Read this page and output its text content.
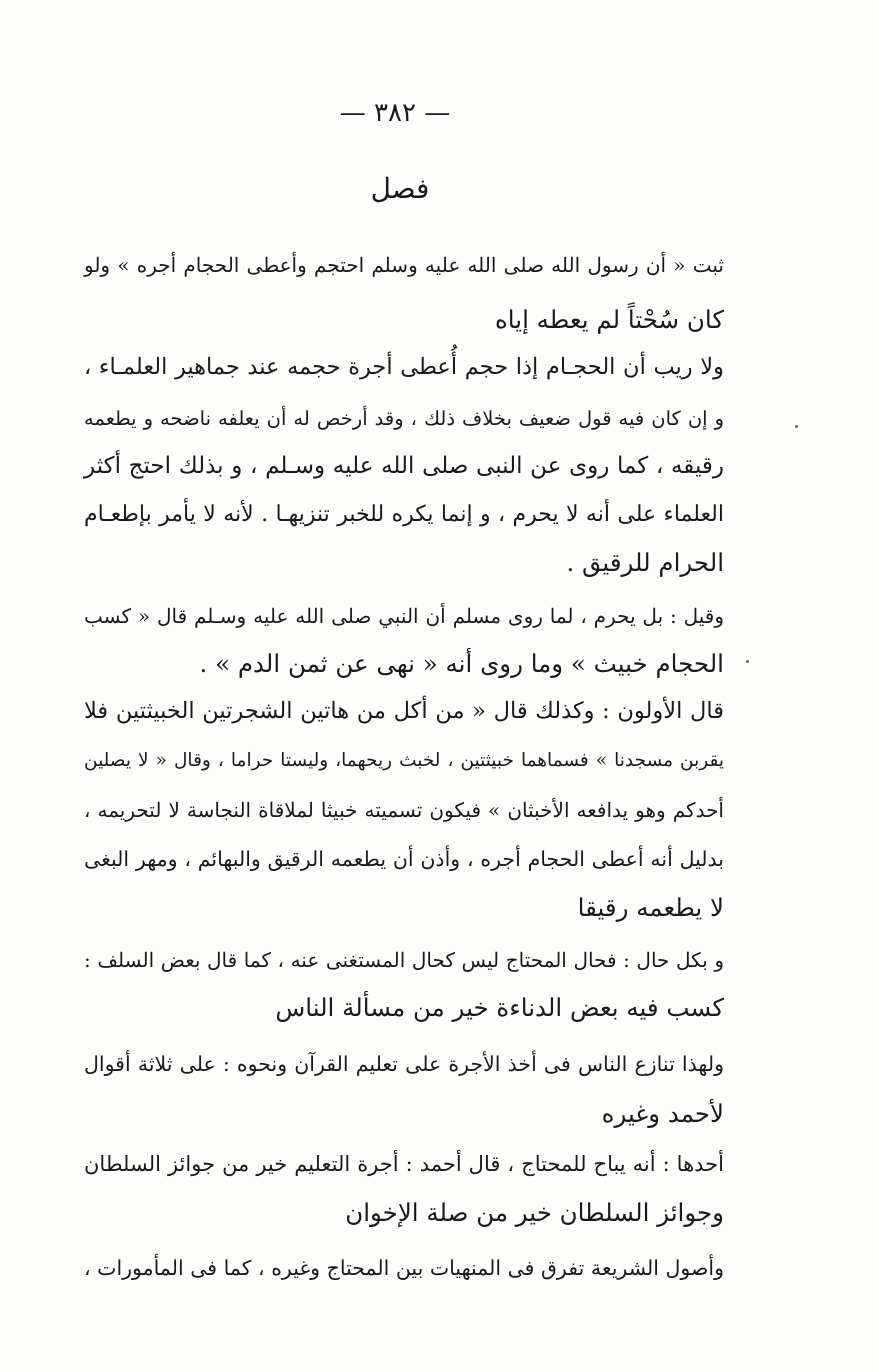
— ٣٨٢ —
فصل
ثبت « أن رسول الله صلى الله عليه وسلم احتجم وأعطى الحجام أجره » ولو
كان سُحْتاً لم يعطه إياه
ولا ريب أن الحجـام إذا حجم أُعطى أجرة حجمه عند جماهير العلمـاء ،
و إن كان فيه قول ضعيف بخلاف ذلك ، وقد أرخص له أن يعلفه ناضحه و يطعمه
رقيقه ، كما روى عن النبى صلى الله عليه وسـلم ، و بذلك احتج أكثر
العلماء على أنه لا يحرم ، و إنما يكره للخبر تنزيهـا . لأنه لا يأمر بإطعـام
الحرام للرقيق .
وقيل : بل يحرم ، لما روى مسلم أن النبي صلى الله عليه وسـلم قال « كسب
الحجام خبيث » وما روى أنه « نهى عن ثمن الدم » .
قال الأولون : وكذلك قال « من أكل من هاتين الشجرتين الخبيثتين فلا
يقربن مسجدنا » فسماهما خبيثتين ، لخبث ريحهما، وليستا حراما ، وقال « لا يصلين
أحدكم وهو يدافعه الأخبثان » فيكون تسميته خبيثا لملاقاة النجاسة لا لتحريمه ،
بدليل أنه أعطى الحجام أجره ، وأذن أن يطعمه الرقيق والبهائم ، ومهر البغى
لا يطعمه رقيقا
و بكل حال : فحال المحتاج ليس كحال المستغنى عنه ، كما قال بعض السلف :
كسب فيه بعض الدناءة خير من مسألة الناس
ولهذا تنازع الناس فى أخذ الأجرة على تعليم القرآن ونحوه : على ثلاثة أقوال
لأحمد وغيره
أحدها : أنه يباح للمحتاج ، قال أحمد : أجرة التعليم خير من جوائز السلطان
وجوائز السلطان خير من صلة الإخوان
وأصول الشريعة تفرق فى المنهيات بين المحتاج وغيره ، كما فى المأمورات ،
